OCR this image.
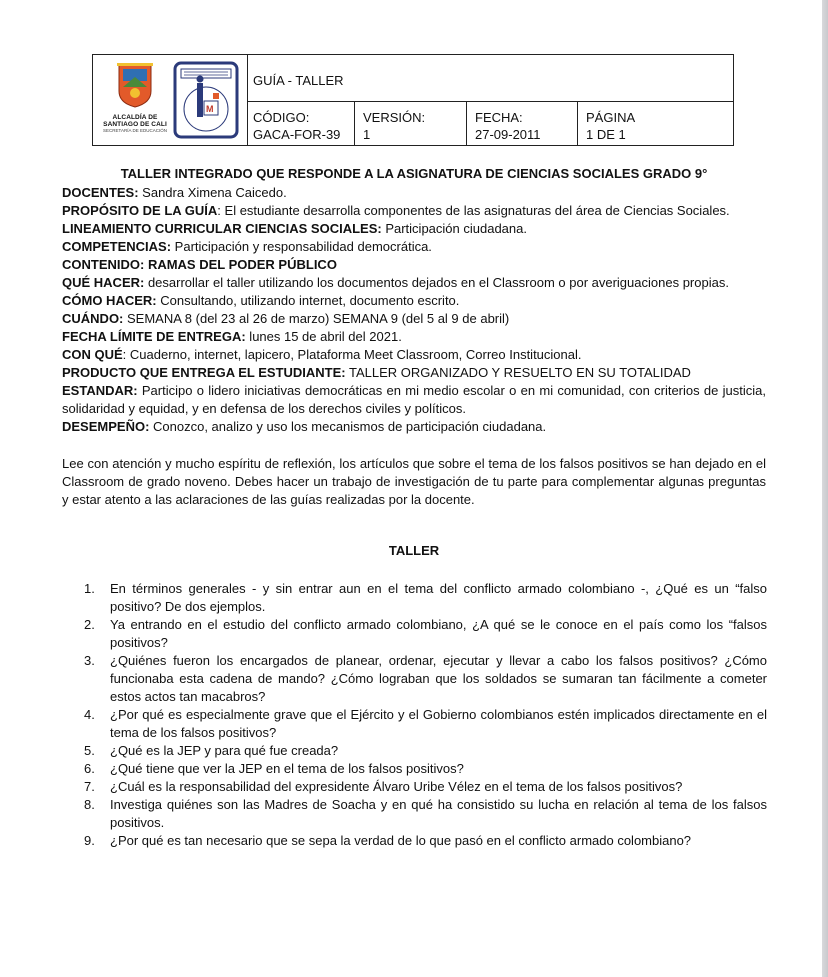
ALCALDÍA DE SANTIAGO DE CALI
SECRETARÍA DE EDUCACIÓN
M
GUÍA - TALLER
CÓDIGO:
GACA-FOR-39
VERSIÓN:
1
FECHA:
27-09-2011
PÁGINA
1 DE 1
TALLER INTEGRADO QUE RESPONDE A LA ASIGNATURA DE CIENCIAS SOCIALES GRADO 9°
DOCENTES: Sandra Ximena Caicedo.
PROPÓSITO DE LA GUÍA: El estudiante desarrolla componentes de las asignaturas del área de Ciencias Sociales.
LINEAMIENTO CURRICULAR CIENCIAS SOCIALES: Participación ciudadana.
COMPETENCIAS: Participación y responsabilidad democrática.
CONTENIDO: RAMAS DEL PODER PÚBLICO
QUÉ HACER: desarrollar el taller utilizando los documentos dejados en el Classroom o por averiguaciones propias.
CÓMO HACER: Consultando, utilizando internet, documento escrito.
CUÁNDO: SEMANA 8 (del 23 al 26 de marzo) SEMANA 9 (del 5 al 9 de abril)
FECHA LÍMITE DE ENTREGA: lunes 15 de abril del 2021.
CON QUÉ: Cuaderno, internet, lapicero, Plataforma Meet Classroom, Correo Institucional.
PRODUCTO QUE ENTREGA EL ESTUDIANTE: TALLER ORGANIZADO Y RESUELTO EN SU TOTALIDAD
ESTANDAR: Participo o lidero iniciativas democráticas en mi medio escolar o en mi comunidad, con criterios de justicia, solidaridad y equidad, y en defensa de los derechos civiles y políticos.
DESEMPEÑO: Conozco, analizo y uso los mecanismos de participación ciudadana.
Lee con atención y mucho espíritu de reflexión, los artículos que sobre el tema de los falsos positivos se han dejado en el Classroom de grado noveno. Debes hacer un trabajo de investigación de tu parte para complementar algunas preguntas y estar atento a las aclaraciones de las guías realizadas por la docente.
TALLER
1. En términos generales - y sin entrar aun en el tema del conflicto armado colombiano -, ¿Qué es un “falso positivo? De dos ejemplos.
2. Ya entrando en el estudio del conflicto armado colombiano, ¿A qué se le conoce en el país como los “falsos positivos?
3. ¿Quiénes fueron los encargados de planear, ordenar, ejecutar y llevar a cabo los falsos positivos? ¿Cómo funcionaba esta cadena de mando? ¿Cómo lograban que los soldados se sumaran tan fácilmente a cometer estos actos tan macabros?
4. ¿Por qué es especialmente grave que el Ejército y el Gobierno colombianos estén implicados directamente en el tema de los falsos positivos?
5. ¿Qué es la JEP y para qué fue creada?
6. ¿Qué tiene que ver la JEP en el tema de los falsos positivos?
7. ¿Cuál es la responsabilidad del expresidente Álvaro Uribe Vélez en el tema de los falsos positivos?
8. Investiga quiénes son las Madres de Soacha y en qué ha consistido su lucha en relación al tema de los falsos positivos.
9. ¿Por qué es tan necesario que se sepa la verdad de lo que pasó en el conflicto armado colombiano?
